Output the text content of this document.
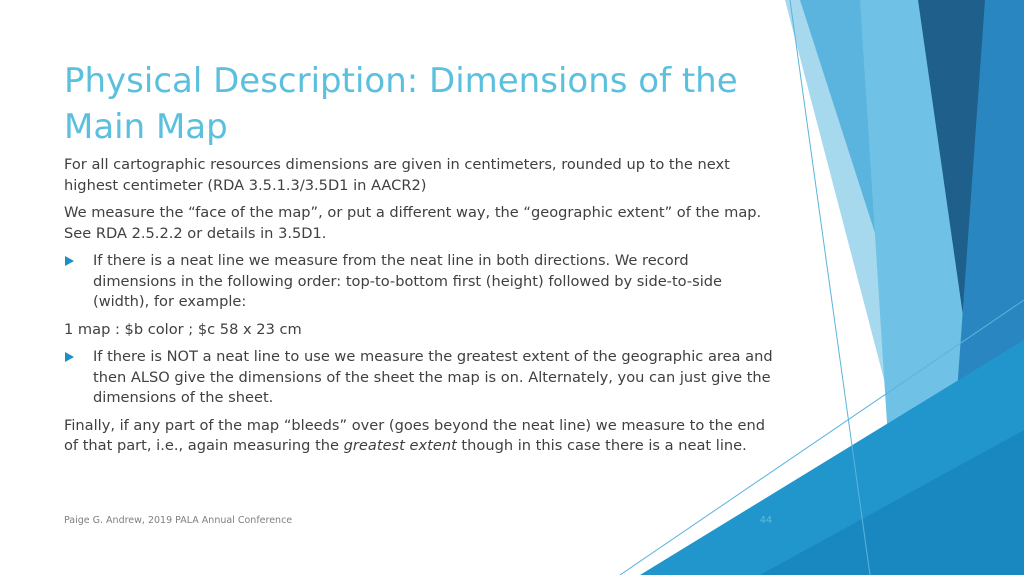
Physical Description: Dimensions of the Main Map

For all cartographic resources dimensions are given in centimeters, rounded up to the next highest centimeter (RDA 3.5.1.3/3.5D1 in AACR2)

We measure the “face of the map”, or put a different way, the “geographic extent” of the map. See RDA 2.5.2.2 or details in 3.5D1.

If there is a neat line we measure from the neat line in both directions. We record dimensions in the following order: top-to-bottom first (height) followed by side-to-side (width), for example:

1 map : $b color ; $c 58 x 23 cm

If there is NOT a neat line to use we measure the greatest extent of the geographic area and then ALSO give the dimensions of the sheet the map is on. Alternately, you can just give the dimensions of the sheet.

Finally, if any part of the map “bleeds” over (goes beyond the neat line) we measure to the end of that part, i.e., again measuring the greatest extent though in this case there is a neat line.

Paige G. Andrew, 2019 PALA Annual Conference	44
